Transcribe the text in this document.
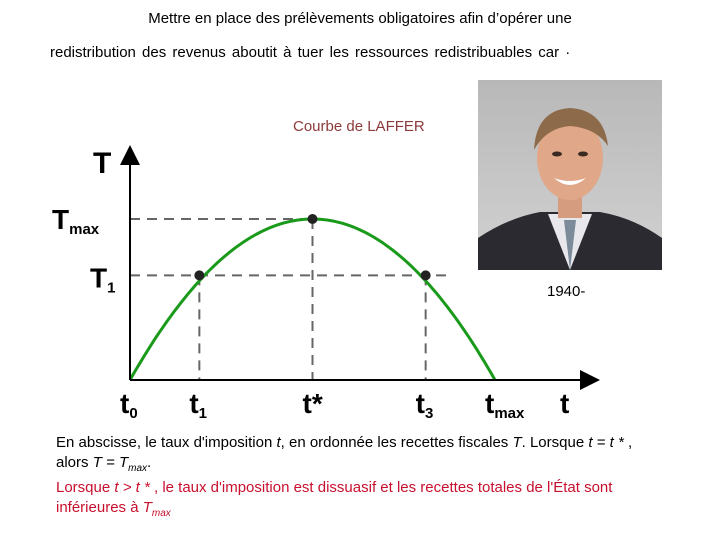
Mettre en place des prélèvements obligatoires afin d’opérer une
redistribution des revenus aboutit à tuer les ressources redistribuables car ·
Courbe de LAFFER
1940-
T
t
Tmax
T1
t0 t1	t*	t3 tmax
En abscisse, le taux d'imposition t, en ordonnée les recettes fiscales T. Lorsque t = t * ,
alors $T = T_{max}$.
Lorsque t > t * , le taux d'imposition est dissuasif et les recettes totales de l'État sont
inférieures à $T_{max}$
